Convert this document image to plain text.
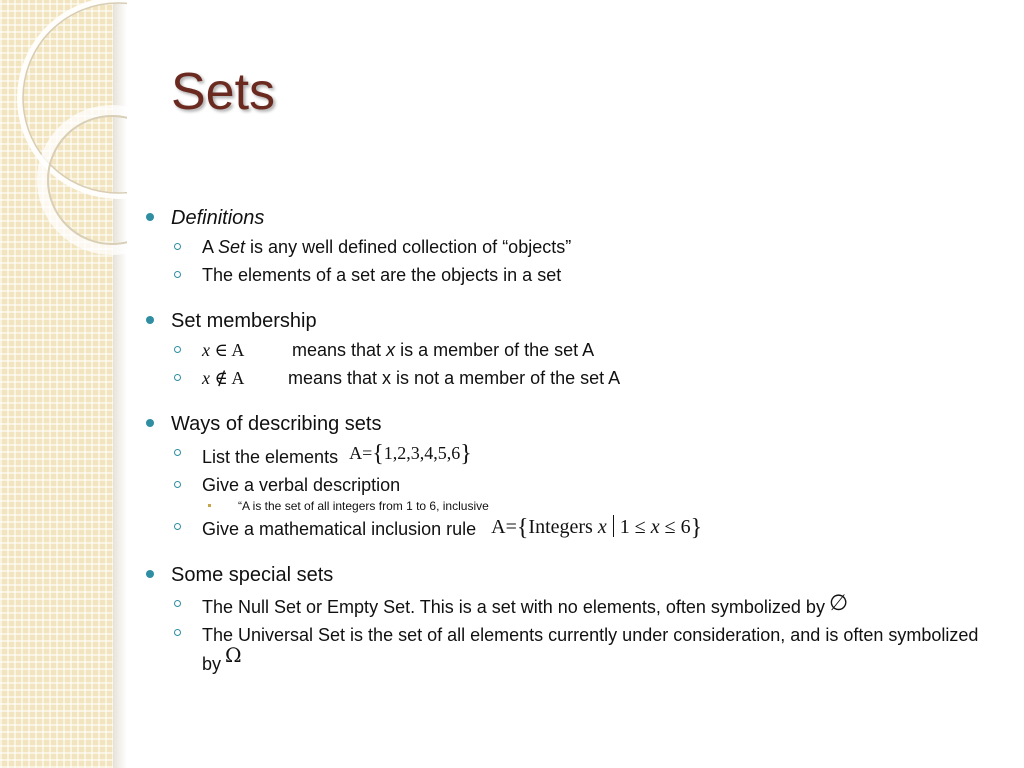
Sets
Definitions
A Set is any well defined collection of “objects”
The elements of a set are the objects in a set
Set membership
x ∈ A	means that x is a member of the set A
x ∉ A means that x is not a member of the set A
Ways of describing sets
List the elements A={1,2,3,4,5,6}
Give a verbal description
“A is the set of all integers from 1 to 6, inclusive
Give a mathematical inclusion rule A={Integers x 1 ≤ x ≤ 6}
Some special sets
The Null Set or Empty Set. This is a set with no elements, often symbolized by ∅
The Universal Set is the set of all elements currently under consideration, and is often symbolized by Ω
